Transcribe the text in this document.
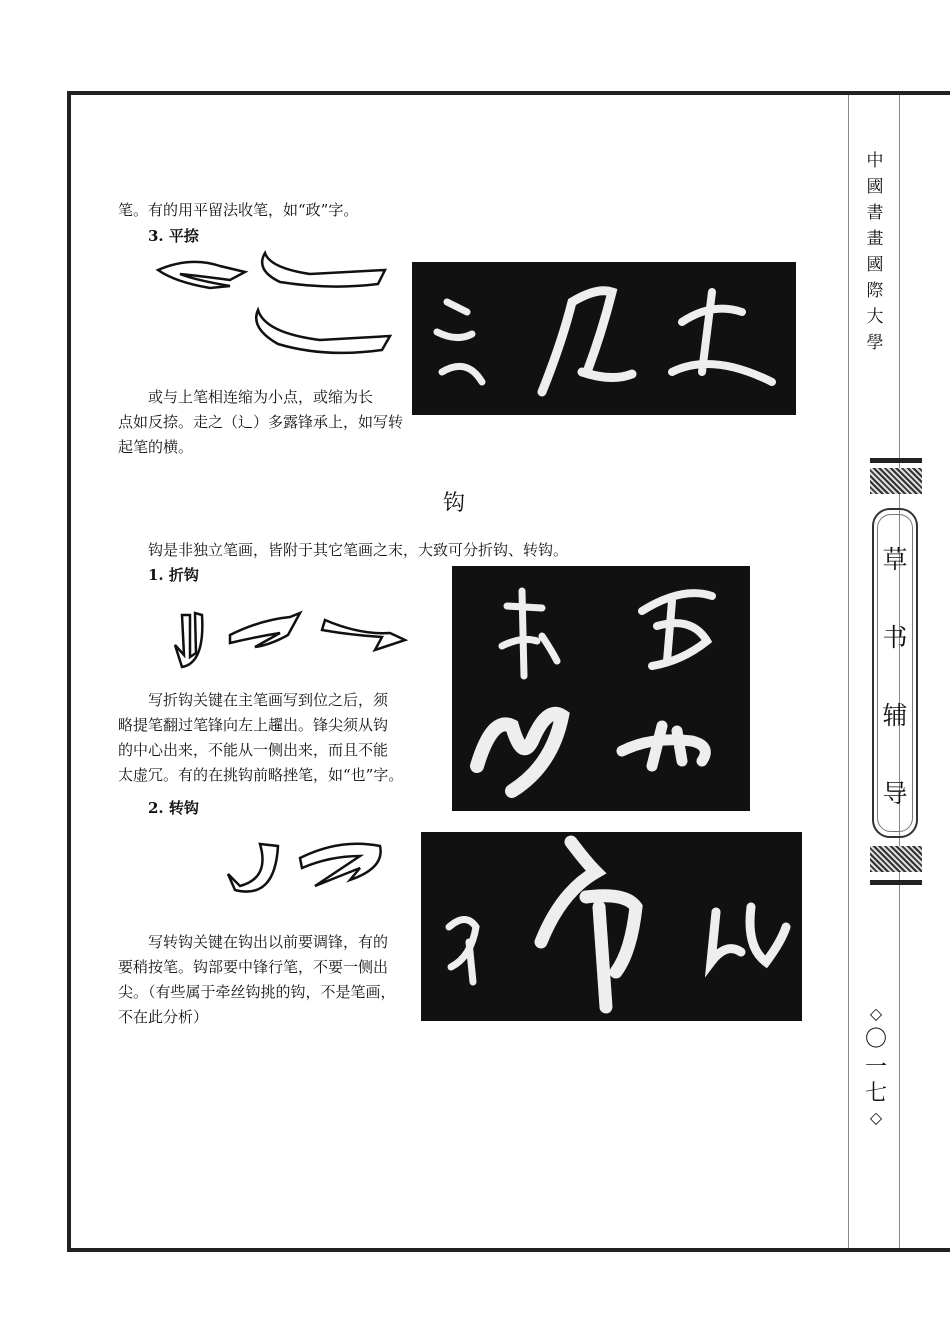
笔。有的用平留法收笔，如“政”字。
3. 平捺
或与上笔相连缩为小点，或缩为长
点如反捺。走之（辶）多露锋承上，如写转
起笔的横。
钩
钩是非独立笔画，皆附于其它笔画之末，大致可分折钩、转钩。
1. 折钩
写折钩关键在主笔画写到位之后，须
略提笔翻过笔锋向左上趯出。锋尖须从钩
的中心出来，不能从一侧出来，而且不能
太虚冗。有的在挑钩前略挫笔，如“也”字。
2. 转钩
写转钩关键在钩出以前要调锋，有的
要稍按笔。钩部要中锋行笔，不要一侧出
尖。（有些属于牵丝钩挑的钩，不是笔画，
不在此分析）
中
國
書
畫
國
際
大
學
草
书
辅
导
◇
〇
一
七
◇
